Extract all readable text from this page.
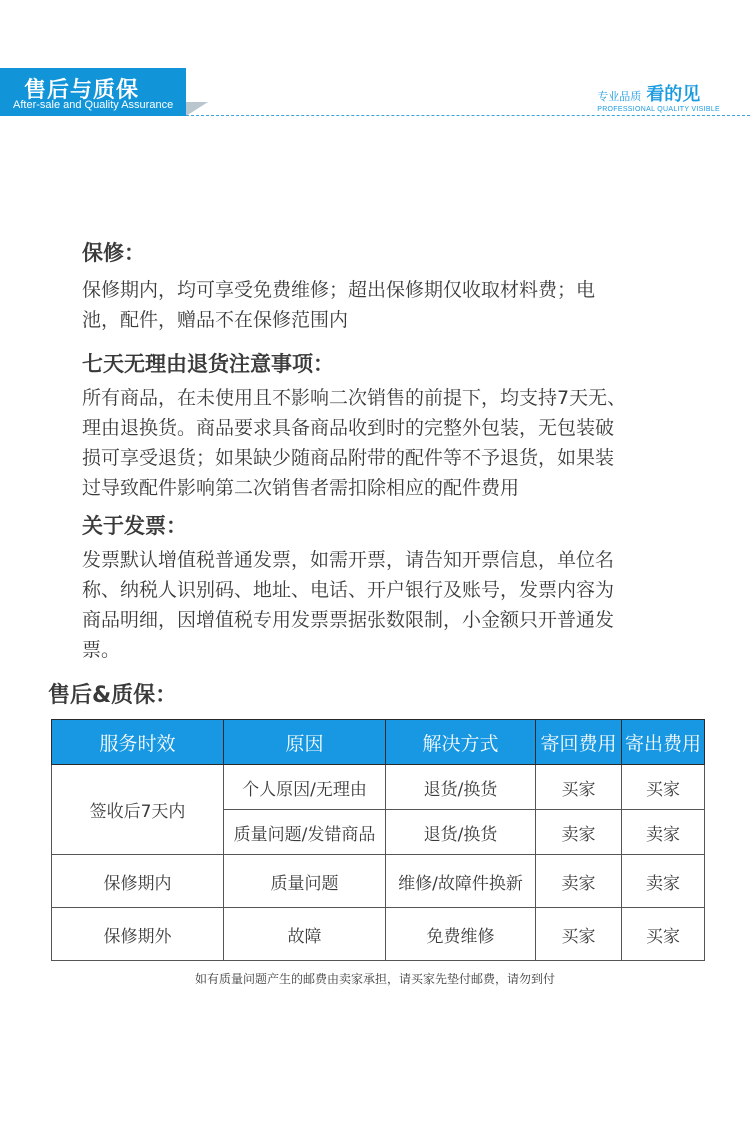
售后与质保
After-sale and Quality Assurance
专业品质 看的见
PROFESSIONAL QUALITY VISIBLE
保修：
保修期内，均可享受免费维修；超出保修期仅收取材料费；电
池，配件，赠品不在保修范围内
七天无理由退货注意事项：
所有商品，在未使用且不影响二次销售的前提下，均支持7天无、
理由退换货。商品要求具备商品收到时的完整外包装，无包装破
损可享受退货；如果缺少随商品附带的配件等不予退货，如果装
过导致配件影响第二次销售者需扣除相应的配件费用
关于发票：
发票默认增值税普通发票，如需开票，请告知开票信息，单位名
称、纳税人识别码、地址、电话、开户银行及账号，发票内容为
商品明细，因增值税专用发票票据张数限制，小金额只开普通发
票。
售后&质保：
服务时效	原因	解决方式	寄回费用	寄出费用
签收后7天内	个人原因/无理由	退货/换货	买家	买家
	质量问题/发错商品	退货/换货	卖家	卖家
保修期内	质量问题	维修/故障件换新	卖家	卖家
保修期外	故障	免费维修	买家	买家
如有质量问题产生的邮费由卖家承担，请买家先垫付邮费，请勿到付
